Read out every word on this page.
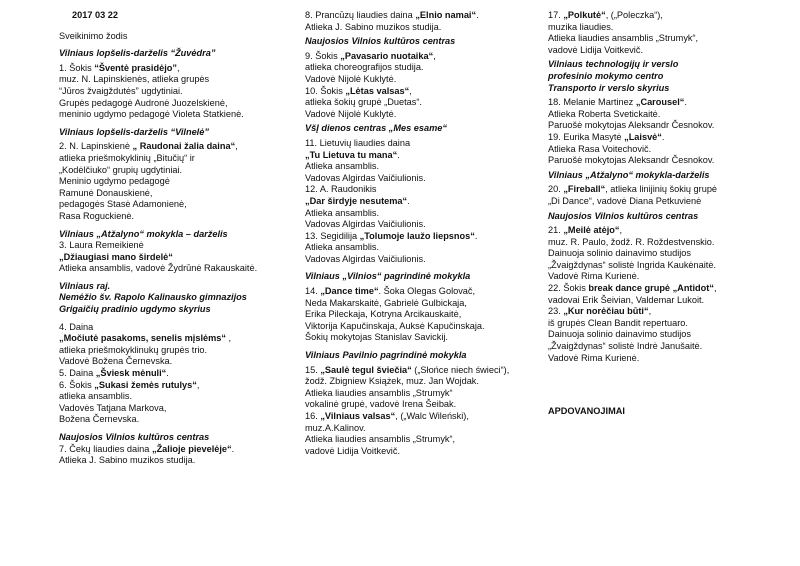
2017 03 22
Sveikinimo žodis
Vilniaus lopšelis-darželis “Žuvėdra”
1. Šokis “Šventė prasidėjo”,
muz. N. Lapinskienės, atlieka grupės
“Jūros žvaigždutės” ugdytiniai.
Grupės pedagogė Audronė Juozelskienė,
meninio ugdymo pedagogė Violeta Statkienė.
Vilniaus lopšelis-darželis “Vilnelė”
2. N. Lapinskienė „ Raudonai žalia daina“,
atlieka priešmokyklinių „Bitučių“ ir
„Kodėlčiuko“ grupių ugdytiniai.
Meninio ugdymo pedagogė
Ramunė Donauskienė,
pedagogės Stasė Adamonienė,
Rasa Roguckienė.
Vilniaus „Atžalyno“ mokykla – darželis
3. Laura Remeikienė
„Džiaugiasi mano širdelė“
Atlieka ansamblis, vadovė Žydrūnė Rakauskaitė.
Vilniaus raj.
Nemėžio šv. Rapolo Kalinausko gimnazijos
Grigaičių pradinio ugdymo skyrius
4. Daina
„Močiutė pasakoms, senelis mįslėms“ ,
atlieka priešmokyklinukų grupės trio.
Vadovė Božena Černevska.
5. Daina „Šviesk mėnuli“.
6. Šokis „Sukasi žemės rutulys“,
atlieka ansamblis.
Vadovės Tatjana Markova,
Božena Černevska.
Naujosios Vilnios kultūros centras
7. Čekų liaudies daina „Žalioje pievelėje“.
Atlieka J. Sabino muzikos studija.
8. Prancūzų liaudies daina „Elnio namai“.
Atlieka J. Sabino muzikos studija.
Naujosios Vilnios kultūros centras
9. Šokis „Pavasario nuotaika“,
atlieka choreografijos studija.
Vadovė Nijolė Kuklytė.
10. Šokis „Lėtas valsas“,
atlieka šokių grupė „Duetas“.
Vadovė Nijolė Kuklytė.
VšĮ dienos centras „Mes esame“
11. Lietuvių liaudies daina
„Tu Lietuva tu mana“.
Atlieka ansamblis.
Vadovas Algirdas Vaičiulionis.
12. A. Raudonikis
„Dar širdyje nesutema“.
Atlieka ansamblis.
Vadovas Algirdas Vaičiulionis.
13. Segidilija „Tolumoje laužo liepsnos“.
Atlieka ansamblis.
Vadovas Algirdas Vaičiulionis.
Vilniaus „Vilnios“ pagrindinė mokykla
14. „Dance time“. Šoka Olegas Golovač,
Neda Makarskaitė, Gabrielė Gulbickaja,
Erika Pileckaja, Kotryna Arcikauskaitė,
Viktorija Kapučinskaja, Auksė Kapučinskaja.
Šokių mokytojas Stanislav Savickij.
Vilniaus Pavilnio pagrindinė mokykla
15. „Saulė tegul šviečia“ („Słońce niech świeci“),
žodž. Zbigniew Książek, muz. Jan Wojdak.
Atlieka liaudies ansamblis „Strumyk“
vokalinė grupė, vadovė Irena Šeibak.
16. „Vilniaus valsas“, („Walc Wileński),
muz.A.Kalinov.
Atlieka liaudies ansamblis „Strumyk“,
vadovė Lidija Voitkevič.
17. „Polkutė“, („Poleczka“),
muzika liaudies.
Atlieka liaudies ansamblis „Strumyk“,
vadovė Lidija Voitkevič.
Vilniaus technologijų ir verslo
profesinio mokymo centro
Transporto ir verslo skyrius
18. Melanie Martinez „Carousel“.
Atlieka Roberta Svetickaitė.
Paruošė mokytojas Aleksandr Česnokov.
19. Eurika Masytė „Laisvė“.
Atlieka Rasa Voitechovič.
Paruošė mokytojas Aleksandr Česnokov.
Vilniaus „Atžalyno“ mokykla-darželis
20. „Fireball“, atlieka linijinių šokių grupė
„Di Dance“, vadovė Diana Petkuvienė
Naujosios Vilnios kultūros centras
21. „Meilė atėjo“,
muz. R. Paulo, žodž. R. Roždestvenskio.
Dainuoja solinio dainavimo studijos
„Žvaigždynas“ solistė Ingrida Kaukėnaitė.
Vadovė Rima Kurienė.
22. Šokis break dance grupė „Antidot“,
vadovai Erik Šeivian, Valdemar Lukoit.
23. „Kur norėčiau būti“,
iš grupės Clean Bandit repertuaro.
Dainuoja solinio dainavimo studijos
„Žvaigždynas“ solistė Indrė Janušaitė.
Vadovė Rima Kurienė.
APDOVANOJIMAI
